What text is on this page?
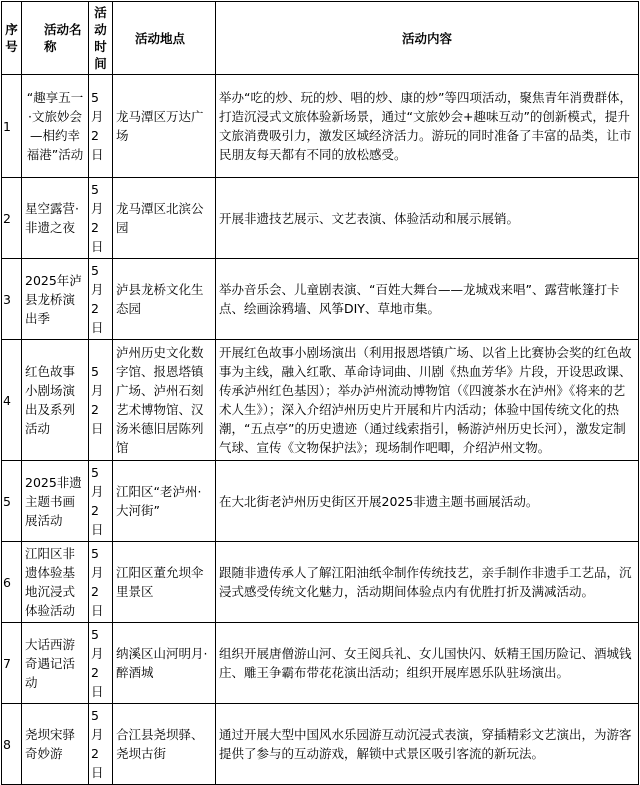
序号	活动名称	活动时间	活动地点	活动内容
1	“趣享五一·文旅妙会—相约幸福港”活动	5月2日	龙马潭区万达广场	举办“吃的炒、玩的炒、唱的炒、康的炒”等四项活动，聚焦青年消费群体，打造沉浸式文旅体验新场景，通过“文旅妙会+趣味互动”的创新模式，提升文旅消费吸引力，激发区域经济活力。游玩的同时准备了丰富的品类，让市民朋友每天都有不同的放松感受。
2	星空露营·非遗之夜	5月2日	龙马潭区北滨公园	开展非遗技艺展示、文艺表演、体验活动和展示展销。
3	2025年泸县龙桥演出季	5月2日	泸县龙桥文化生态园	举办音乐会、儿童剧表演、“百姓大舞台——龙城戏来唱”、露营帐篷打卡点、绘画涂鸦墙、风筝DIY、草地市集。
4	红色故事小剧场演出及系列活动	5月2日	泸州历史文化数字馆、报恩塔镇广场、泸州石刻艺术博物馆、汉汤米德旧居陈列馆	开展红色故事小剧场演出（利用报恩塔镇广场、以省上比赛协会奖的红色故事为主线，融入红歌、革命诗词曲、川剧《热血芳华》片段，开设思政课、传承泸州红色基因）；举办泸州流动博物馆（《四渡茶水在泸州》《将来的艺术人生》）；深入介绍泸州历史片开展和片内活动；体验中国传统文化的热潮，“五点亭”的历史遗迹（通过线索指引，畅游泸州历史长河），激发定制气球、宣传《文物保护法》；现场制作吧唧，介绍泸州文物。
5	2025非遗主题书画展活动	5月2日	江阳区“老泸州·大河街”	在大北街老泸州历史街区开展2025非遗主题书画展活动。
6	江阳区非遗体验基地沉浸式体验活动	5月2日	江阳区董允坝伞里景区	跟随非遗传承人了解江阳油纸伞制作传统技艺，亲手制作非遗手工艺品，沉浸式感受传统文化魅力，活动期间体验点内有优胜打折及满减活动。
7	大话西游奇遇记活动	5月2日	纳溪区山河明月·醉酒城	组织开展唐僧游山河、女王阅兵礼、女儿国快闪、妖精王国历险记、酒城钱庄、雕王争霸布带花花演出活动；组织开展库恩乐队驻场演出。
8	尧坝宋驿奇妙游	5月2日	合江县尧坝驿、尧坝古街	通过开展大型中国风水乐园游互动沉浸式表演，穿插精彩文艺演出，为游客提供了参与的互动游戏，解锁中式景区吸引客流的新玩法。
